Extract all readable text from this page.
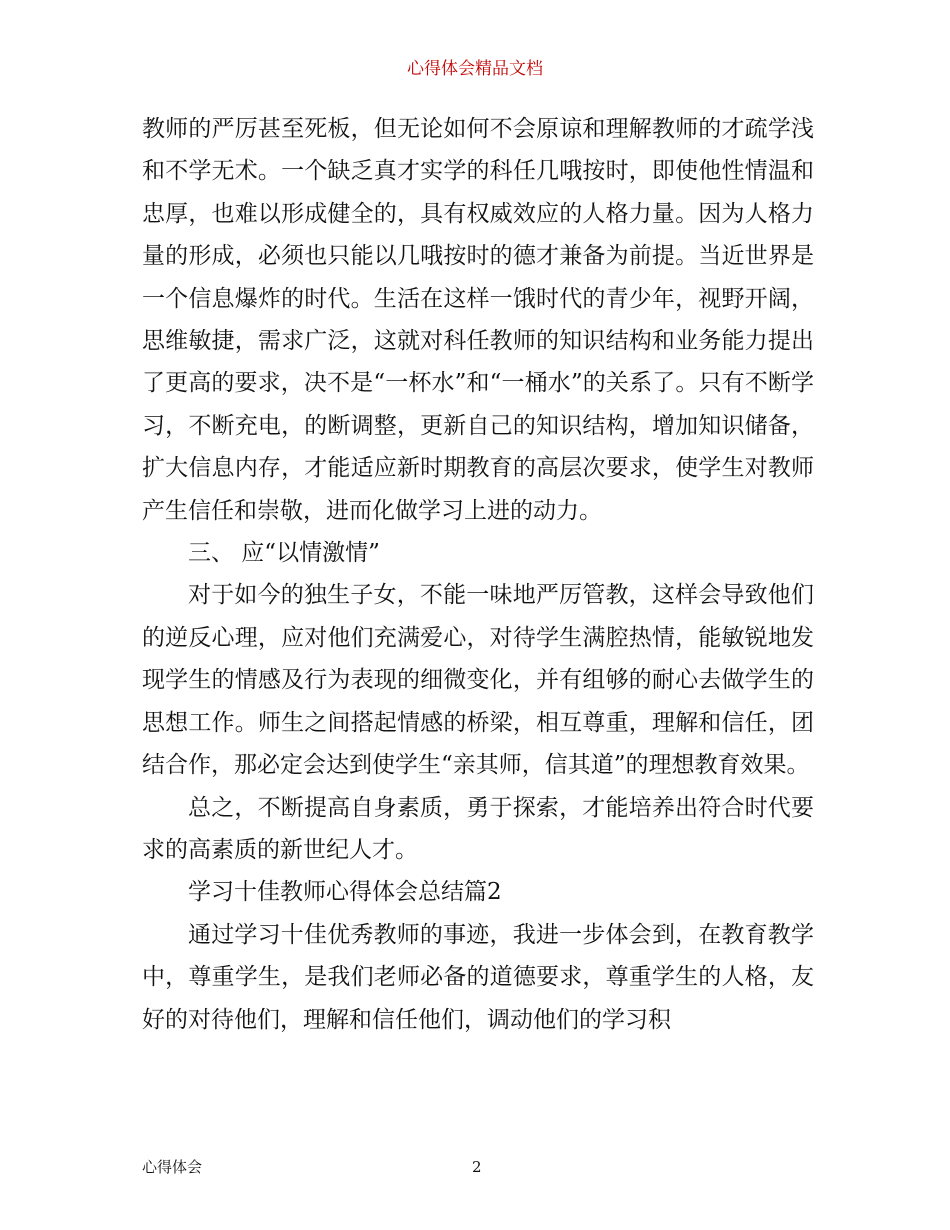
心得体会精品文档

教师的严厉甚至死板，但无论如何不会原谅和理解教师的才疏学浅和不学无术。一个缺乏真才实学的科任几哦按时，即使他性情温和忠厚，也难以形成健全的，具有权威效应的人格力量。因为人格力量的形成，必须也只能以几哦按时的德才兼备为前提。当近世界是一个信息爆炸的时代。生活在这样一饿时代的青少年，视野开阔，思维敏捷，需求广泛，这就对科任教师的知识结构和业务能力提出了更高的要求，决不是“一杯水”和“一桶水”的关系了。只有不断学习，不断充电，的断调整，更新自己的知识结构，增加知识储备，扩大信息内存，才能适应新时期教育的高层次要求，使学生对教师产生信任和崇敬，进而化做学习上进的动力。

三、 应“以情激情”

对于如今的独生子女，不能一味地严厉管教，这样会导致他们的逆反心理，应对他们充满爱心，对待学生满腔热情，能敏锐地发现学生的情感及行为表现的细微变化，并有组够的耐心去做学生的思想工作。师生之间搭起情感的桥梁，相互尊重，理解和信任，团结合作，那必定会达到使学生“亲其师，信其道”的理想教育效果。

总之，不断提高自身素质，勇于探索，才能培养出符合时代要求的高素质的新世纪人才。

学习十佳教师心得体会总结篇2

通过学习十佳优秀教师的事迹，我进一步体会到，在教育教学中，尊重学生，是我们老师必备的道德要求，尊重学生的人格，友好的对待他们，理解和信任他们，调动他们的学习积

心得体会	2
